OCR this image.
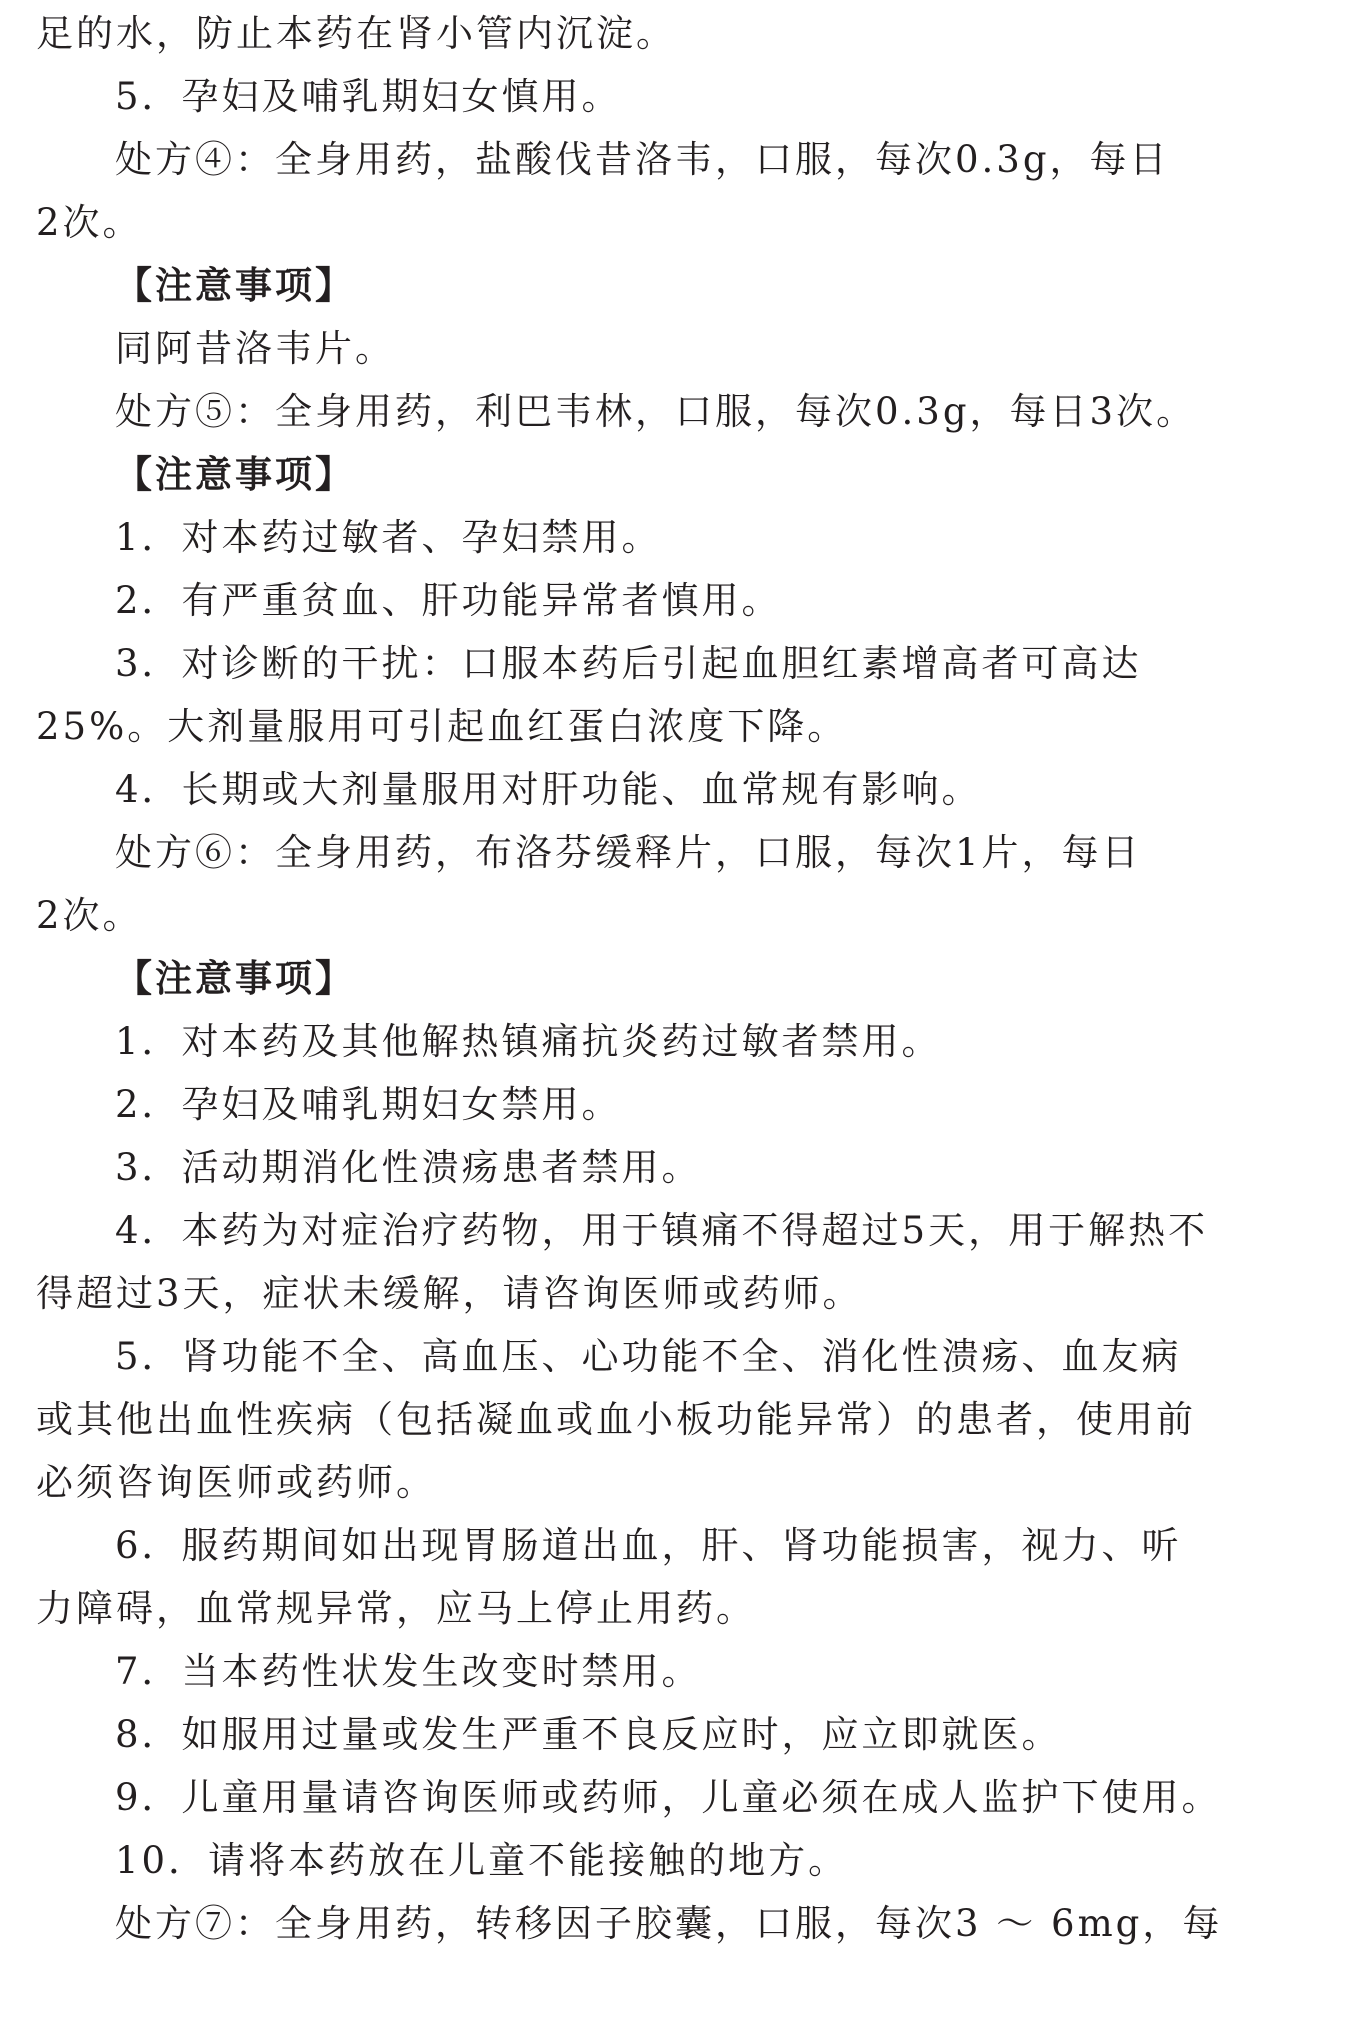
足的水，防止本药在肾小管内沉淀。

5．孕妇及哺乳期妇女慎用。

处方④：全身用药，盐酸伐昔洛韦，口服，每次0.3g，每日

2次。

【注意事项】

同阿昔洛韦片。

处方⑤：全身用药，利巴韦林，口服，每次0.3g，每日3次。

【注意事项】

1．对本药过敏者、孕妇禁用。

2．有严重贫血、肝功能异常者慎用。

3．对诊断的干扰：口服本药后引起血胆红素增高者可高达

25%。大剂量服用可引起血红蛋白浓度下降。

4．长期或大剂量服用对肝功能、血常规有影响。

处方⑥：全身用药，布洛芬缓释片，口服，每次1片，每日

2次。

【注意事项】

1．对本药及其他解热镇痛抗炎药过敏者禁用。

2．孕妇及哺乳期妇女禁用。

3．活动期消化性溃疡患者禁用。

4．本药为对症治疗药物，用于镇痛不得超过5天，用于解热不

得超过3天，症状未缓解，请咨询医师或药师。

5．肾功能不全、高血压、心功能不全、消化性溃疡、血友病

或其他出血性疾病（包括凝血或血小板功能异常）的患者，使用前

必须咨询医师或药师。

6．服药期间如出现胃肠道出血，肝、肾功能损害，视力、听

力障碍，血常规异常，应马上停止用药。

7．当本药性状发生改变时禁用。

8．如服用过量或发生严重不良反应时，应立即就医。

9．儿童用量请咨询医师或药师，儿童必须在成人监护下使用。

10．请将本药放在儿童不能接触的地方。

处方⑦：全身用药，转移因子胶囊，口服，每次3 ～ 6mg，每
